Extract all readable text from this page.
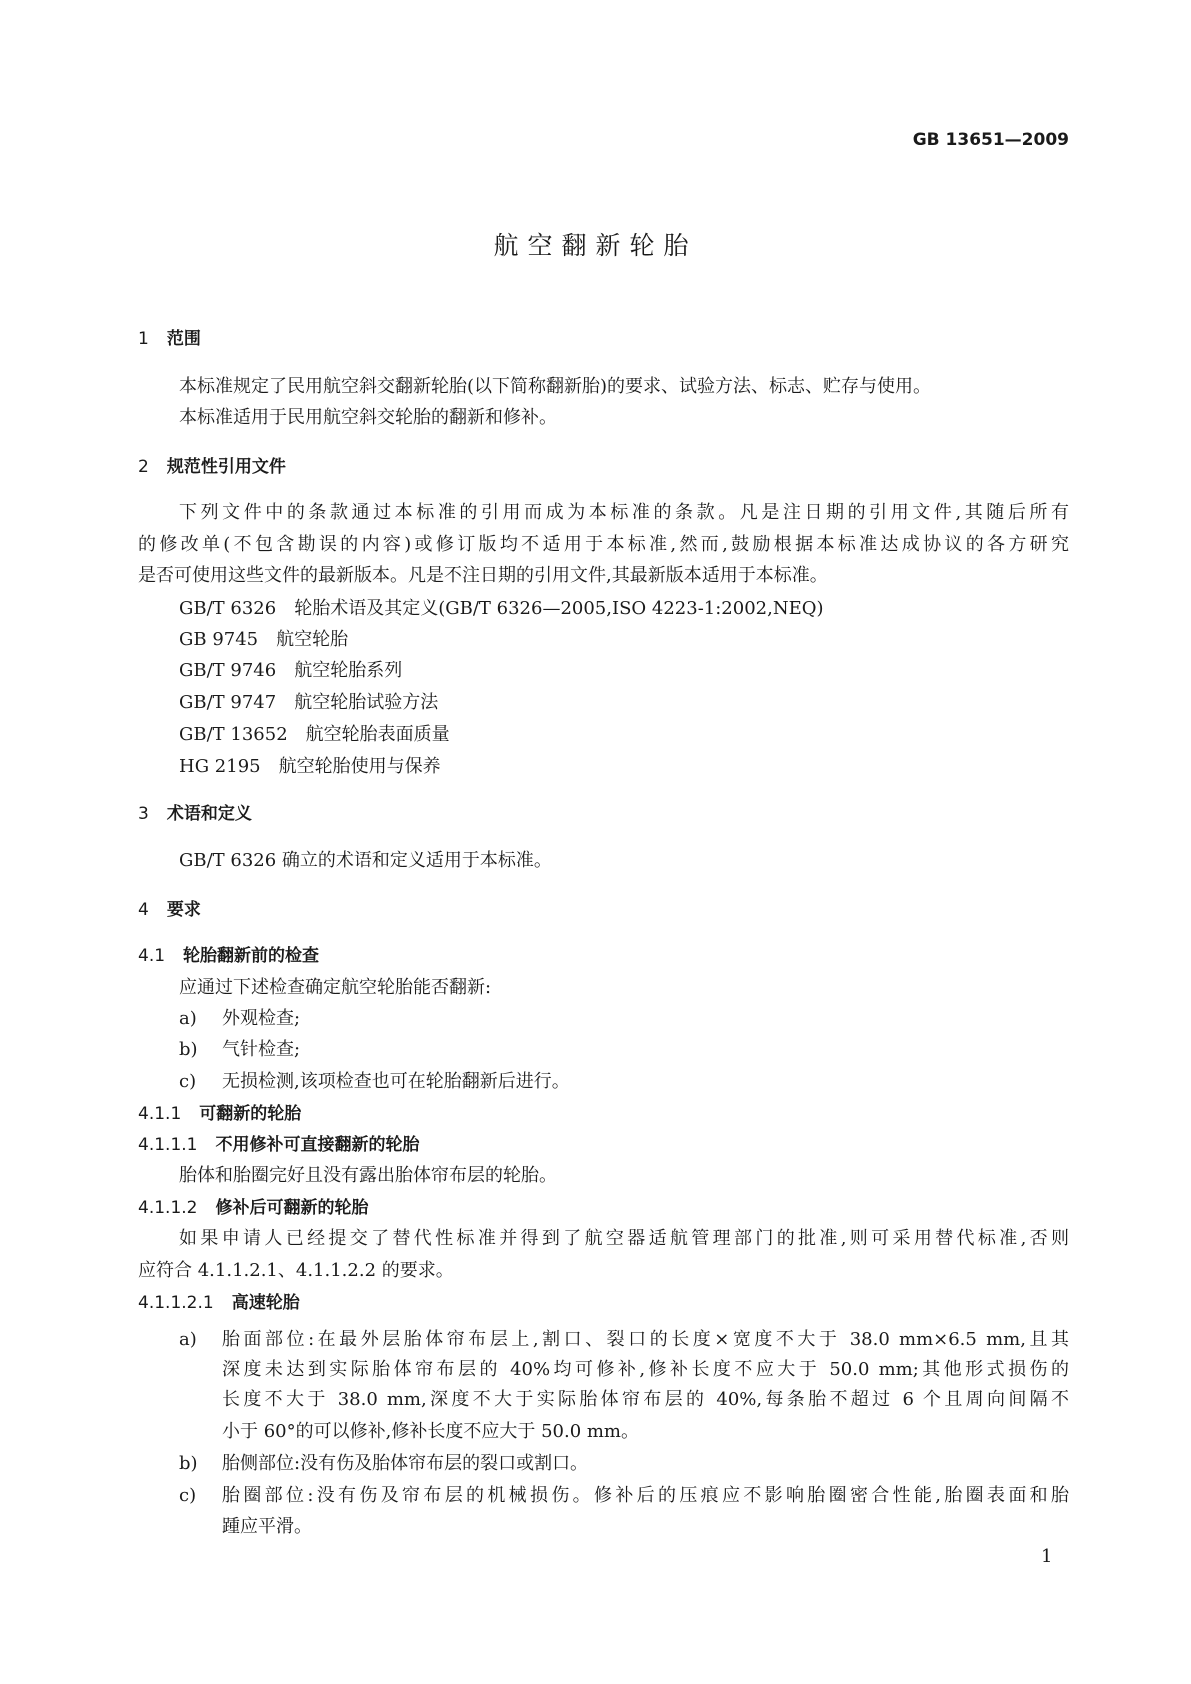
GB 13651—2009
航空翻新轮胎
1 范围
本标准规定了民用航空斜交翻新轮胎(以下简称翻新胎)的要求、试验方法、标志、贮存与使用。
本标准适用于民用航空斜交轮胎的翻新和修补。
2 规范性引用文件
下列文件中的条款通过本标准的引用而成为本标准的条款。凡是注日期的引用文件,其随后所有
的修改单(不包含勘误的内容)或修订版均不适用于本标准,然而,鼓励根据本标准达成协议的各方研究
是否可使用这些文件的最新版本。凡是不注日期的引用文件,其最新版本适用于本标准。
GB/T 6326 轮胎术语及其定义(GB/T 6326—2005,ISO 4223-1:2002,NEQ)
GB 9745 航空轮胎
GB/T 9746 航空轮胎系列
GB/T 9747 航空轮胎试验方法
GB/T 13652 航空轮胎表面质量
HG 2195 航空轮胎使用与保养
3 术语和定义
GB/T 6326 确立的术语和定义适用于本标准。
4 要求
4.1 轮胎翻新前的检查
应通过下述检查确定航空轮胎能否翻新:
a) 外观检查;
b) 气针检查;
c) 无损检测,该项检查也可在轮胎翻新后进行。
4.1.1 可翻新的轮胎
4.1.1.1 不用修补可直接翻新的轮胎
胎体和胎圈完好且没有露出胎体帘布层的轮胎。
4.1.1.2 修补后可翻新的轮胎
如果申请人已经提交了替代性标准并得到了航空器适航管理部门的批准,则可采用替代标准,否则
应符合 4.1.1.2.1、4.1.1.2.2 的要求。
4.1.1.2.1 高速轮胎
a) 胎面部位:在最外层胎体帘布层上,割口、裂口的长度×宽度不大于 38.0 mm×6.5 mm,且其
深度未达到实际胎体帘布层的 40%均可修补,修补长度不应大于 50.0 mm;其他形式损伤的
长度不大于 38.0 mm,深度不大于实际胎体帘布层的 40%,每条胎不超过 6 个且周向间隔不
小于 60°的可以修补,修补长度不应大于 50.0 mm。
b) 胎侧部位:没有伤及胎体帘布层的裂口或割口。
c) 胎圈部位:没有伤及帘布层的机械损伤。修补后的压痕应不影响胎圈密合性能,胎圈表面和胎
踵应平滑。
1
